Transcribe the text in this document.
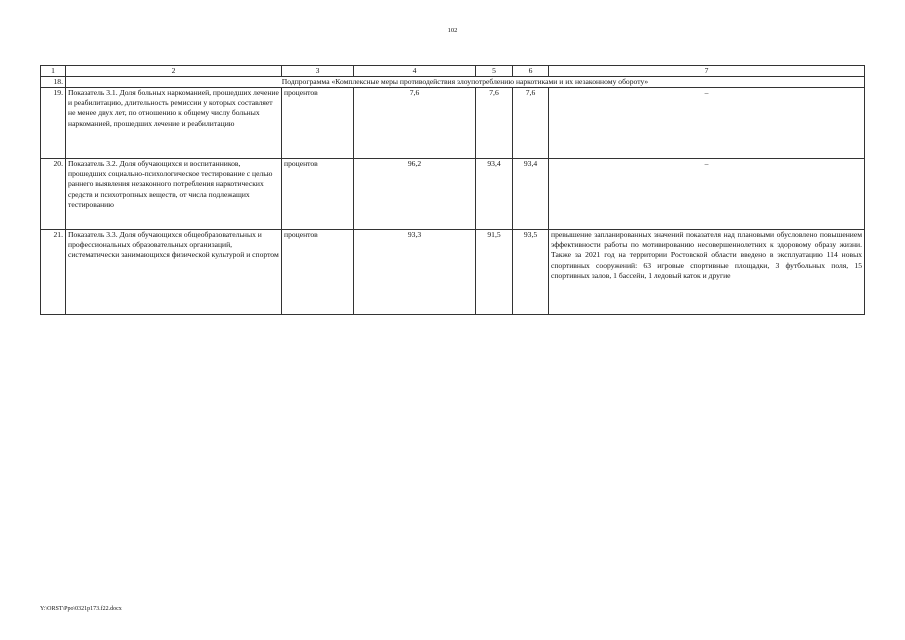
102
1	2	3	4	5	6	7
18.	Подпрограмма «Комплексные меры противодействия злоупотреблению наркотиками и их незаконному обороту»					
19.	Показатель 3.1. Доля больных наркоманией, прошедших лечение и реабилитацию, длительность ремиссии у которых составляет не менее двух лет, по отношению к общему числу больных наркоманией, прошедших лечение и реабилитацию	процентов	7,6	7,6	7,6	–
20.	Показатель 3.2. Доля обучающихся и воспитанников, прошедших социально-психологическое тестирование с целью раннего выявления незаконного потребления наркотических средств и психотропных веществ, от числа подлежащих тестированию	процентов	96,2	93,4	93,4	–
21.	Показатель 3.3. Доля обучающихся общеобразовательных и профессиональных образовательных организаций, систематически занимающихся физической культурой и спортом	процентов	93,3	91,5	93,5	превышение запланированных значений показателя над плановыми обусловлено повышением эффективности работы по мотивированию несовершеннолетних к здоровому образу жизни. Также за 2021 год на территории Ростовской области введено в эксплуатацию 114 новых спортивных сооружений: 63 игровые спортивные площадки, 3 футбольных поля, 15 спортивных залов, 1 бассейн, 1 ледовый каток и другие
Y:\ORST\Ppo\0321p173.f22.docx
